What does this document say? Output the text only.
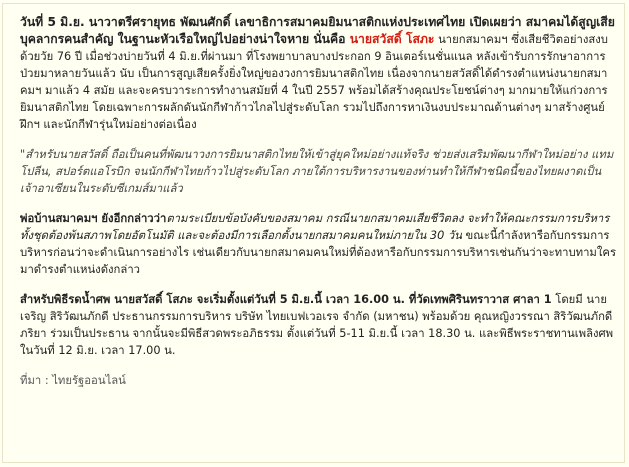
วันที่ 5 มิ.ย. นาวาตรีศรายุทธ พัฒนศักดิ์ เลขาธิการสมาคมยิมนาสติกแห่งประเทศไทย เปิดเผยว่า สมาคมได้สูญเสียบุคลากรคนสำคัญ ในฐานะหัวเรือใหญ่ไปอย่างน่าใจหาย นั่นคือ นายสวัสดิ์ โสภะ นายกสมาคมฯ ซึ่งเสียชีวิตอย่างสงบ ด้วยวัย 76 ปี เมื่อช่วงบ่ายวันที่ 4 มิ.ย.ที่ผ่านมา ที่โรงพยาบาลบางประกอก 9 อินเตอร์เนชั่นแนล หลังเข้ารับการรักษาอาการป่วยมาหลายวันแล้ว นับ เป็นการสูญเสียครั้งยิ่งใหญ่ของวงการยิมนาสติกไทย เนื่องจากนายสวัสดิ์ได้ดำรงตำแหน่งนายกสมาคมฯ มาแล้ว 4 สมัย และจะครบวาระการทำงานสมัยที่ 4 ในปี 2557 พร้อมได้สร้างคุณประโยชน์ต่างๆ มากมายให้แก่วงการยิมนาสติกไทย โดยเฉพาะการผลักดันนักกีฬาก้าวไกลไปสู่ระดับโลก รวมไปถึงการหาเงินงบประมาณด้านต่างๆ มาสร้างศูนย์ฝึกฯ และนักกีฬารุ่นใหม่อย่างต่อเนื่อง

"สำหรับนายสวัสดิ์ ถือเป็นคนที่พัฒนาวงการยิมนาสติกไทยให้เข้าสู่ยุคใหม่อย่างแท้จริง ช่วยส่งเสริมพัฒนากีฬาใหม่อย่าง แทมโปลีน, สปอร์ตแอโรบิก จนนักกีฬาไทยก้าวไปสู่ระดับโลก ภายใต้การบริหารงานของท่านทำให้กีฬาชนิดนี้ของไทยผงาดเป็นเจ้าอาเซียนในระดับซีเกมส์มาแล้ว

พ่อบ้านสมาคมฯ ยังอีกกล่าวว่าตามระเบียบข้อบังคับของสมาคม กรณีนายกสมาคมเสียชีวิตลง จะทำให้คณะกรรมการบริหารทั้งชุดต้องพ้นสภาพโดยอัตโนมัติ และจะต้องมีการเลือกตั้งนายกสมาคมคนใหม่ภายใน 30 วัน ขณะนี้กำลังหารือกับกรรมการบริหารก่อนว่าจะดำเนินการอย่างไร เช่นเดียวกับนายกสมาคมคนใหม่ที่ต้องหารือกับกรรมการบริหารเช่นกันว่าจะทาบทามใครมาดำรงตำแหน่งดังกล่าว

สำหรับพิธีรดน้ำศพ นายสวัสดิ์ โสภะ จะเริ่มตั้งแต่วันที่ 5 มิ.ย.นี้ เวลา 16.00 น. ที่วัดเทพศิรินทราวาส ศาลา 1 โดยมี นายเจริญ สิริวัฒนภักดี ประธานกรรมการบริหาร บริษัท ไทยเบฟเวอเรจ จำกัด (มหาชน) พร้อมด้วย คุณหญิงวรรณา สิริวัฒนภักดี ภริยา ร่วมเป็นประธาน จากนั้นจะมีพิธีสวดพระอภิธรรม ตั้งแต่วันที่ 5-11 มิ.ย.นี้ เวลา 18.30 น. และพิธีพระราชทานเพลิงศพ ในวันที่ 12 มิ.ย. เวลา 17.00 น.

ที่มา : ไทยรัฐออนไลน์
